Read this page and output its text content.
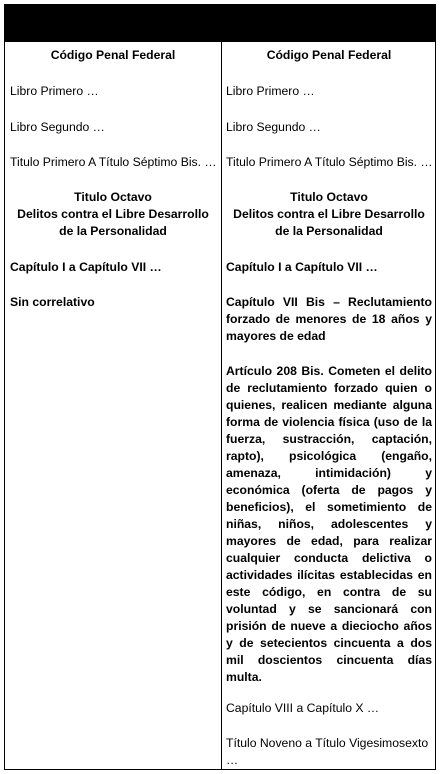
Código Penal Federal

Libro Primero …

Libro Segundo …

Titulo Primero A Título Séptimo Bis. …

Titulo Octavo

Delitos contra el Libre Desarrollo de la Personalidad

Capítulo I a Capítulo VII …

Sin correlativo

Código Penal Federal

Libro Primero …

Libro Segundo …

Titulo Primero A Título Séptimo Bis. …

Titulo Octavo

Delitos contra el Libre Desarrollo de la Personalidad

Capítulo I a Capítulo VII …

Capítulo VII Bis – Reclutamiento forzado de menores de 18 años y mayores de edad

Artículo 208 Bis. Cometen el delito de reclutamiento forzado quien o quienes, realicen mediante alguna forma de violencia física (uso de la fuerza, sustracción, captación, rapto), psicológica (engaño, amenaza, intimidación) y económica (oferta de pagos y beneficios), el sometimiento de niñas, niños, adolescentes y mayores de edad, para realizar cualquier conducta delictiva o actividades ilícitas establecidas en este código, en contra de su voluntad y se sancionará con prisión de nueve a dieciocho años y de setecientos cincuenta a dos mil doscientos cincuenta días multa.

Capítulo VIII a Capítulo X …

Título Noveno a Título Vigesimosexto …
